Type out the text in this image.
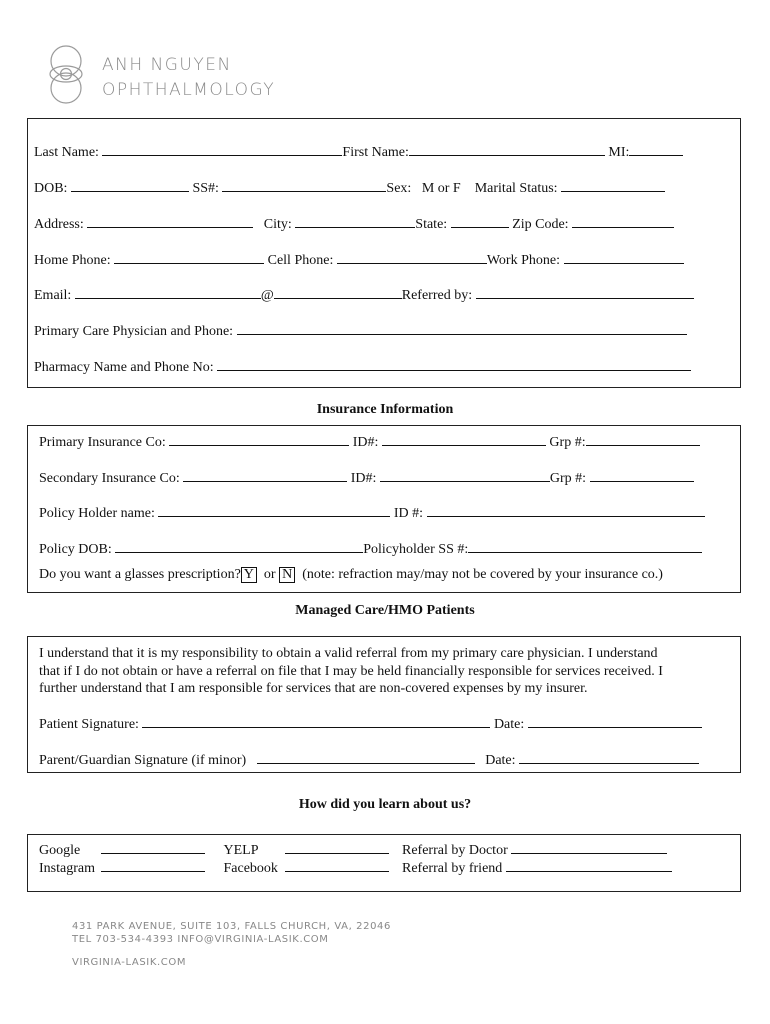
ANH NGUYEN
OPHTHALMOLOGY
Last Name:	First Name:	MI:
DOB:	SS#:	Sex: M or F Marital Status:
Address:	City:	State:	Zip Code:
Home Phone:	Cell Phone:	Work Phone:
Email:	@	Referred by:
Primary Care Physician and Phone:
Pharmacy Name and Phone No:
Insurance Information
Primary Insurance Co:	ID#:	Grp #:
Secondary Insurance Co:	ID#:	Grp #:
Policy Holder name:	ID #:
Policy DOB:	Policyholder SS #:
Do you want a glasses prescription? Y or N (note: refraction may/may not be covered by your insurance co.)
Managed Care/HMO Patients
I understand that it is my responsibility to obtain a valid referral from my primary care physician. I understand
that if I do not obtain or have a referral on file that I may be held financially responsible for services received. I
further understand that I am responsible for services that are non-covered expenses by my insurer.
Patient Signature:	Date:
Parent/Guardian Signature (if minor)	Date:
How did you learn about us?
Google	YELP	Referral by Doctor
Instagram	Facebook	Referral by friend
431 PARK AVENUE, SUITE 103, FALLS CHURCH, VA, 22046
TEL 703-534-4393 INFO@VIRGINIA-LASIK.COM
VIRGINIA-LASIK.COM
